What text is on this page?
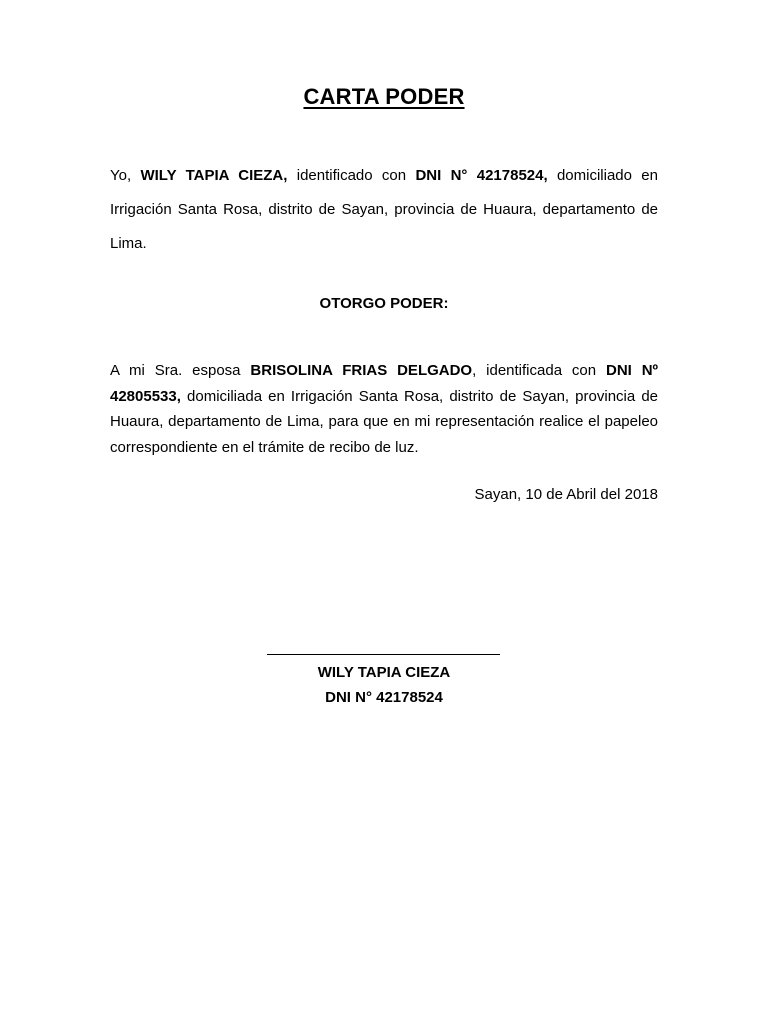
CARTA PODER
Yo, WILY TAPIA CIEZA, identificado con DNI N° 42178524, domiciliado en Irrigación Santa Rosa, distrito de Sayan, provincia de Huaura, departamento de Lima.
OTORGO PODER:
A mi Sra. esposa BRISOLINA FRIAS DELGADO, identificada con DNI Nº 42805533, domiciliada en Irrigación Santa Rosa, distrito de Sayan, provincia de Huaura, departamento de Lima, para que en mi representación realice el papeleo correspondiente en el trámite de recibo de luz.
Sayan, 10 de Abril del 2018
WILY TAPIA CIEZA
DNI N° 42178524
